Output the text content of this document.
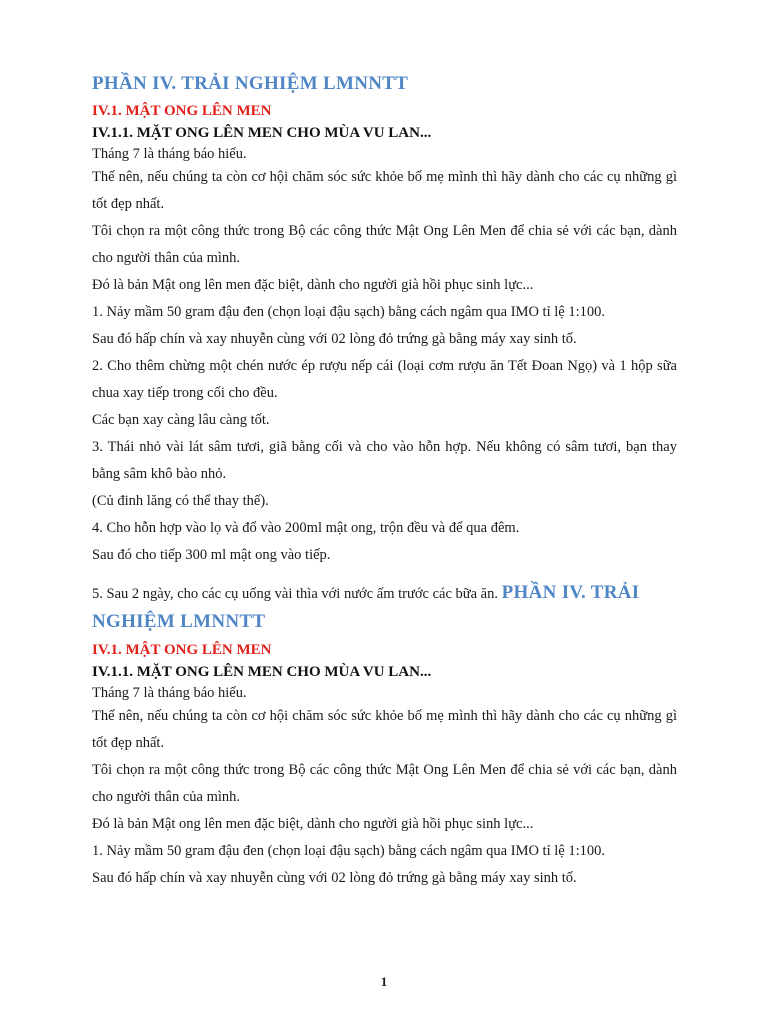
PHẦN IV. TRẢI NGHIỆM LMNNTT
IV.1. MẬT ONG LÊN MEN
IV.1.1. MẶT ONG LÊN MEN CHO MÙA VU LAN...

Tháng 7 là tháng báo hiếu.

Thế nên, nếu chúng ta còn cơ hội chăm sóc sức khỏe bố mẹ mình thì hãy dành cho các cụ những gì tốt đẹp nhất.

Tôi chọn ra một công thức trong Bộ các công thức Mật Ong Lên Men để chia sẻ với các bạn, dành cho người thân của mình.

Đó là bản Mật ong lên men đặc biệt, dành cho người già hồi phục sinh lực...

1. Nảy mầm 50 gram đậu đen (chọn loại đậu sạch) bằng cách ngâm qua IMO tỉ lệ 1:100.

Sau đó hấp chín và xay nhuyễn cùng với 02 lòng đỏ trứng gà bằng máy xay sinh tố.

2. Cho thêm chừng một chén nước ép rượu nếp cái (loại cơm rượu ăn Tết Đoan Ngọ) và 1 hộp sữa chua xay tiếp trong cối cho đều.

Các bạn xay càng lâu càng tốt.

3. Thái nhỏ vài lát sâm tươi, giã bằng cối và cho vào hỗn hợp. Nếu không có sâm tươi, bạn thay bằng sâm khô bào nhỏ.

(Củ đinh lăng có thể thay thế).

4. Cho hỗn hợp vào lọ và đổ vào 200ml mật ong, trộn đều và để qua đêm.

Sau đó cho tiếp 300 ml mật ong vào tiếp.

5. Sau 2 ngày, cho các cụ uống vài thìa với nước ấm trước các bữa ăn. PHẦN IV. TRẢI NGHIỆM LMNNTT

IV.1. MẬT ONG LÊN MEN
IV.1.1. MẶT ONG LÊN MEN CHO MÙA VU LAN...

Tháng 7 là tháng báo hiếu.

Thế nên, nếu chúng ta còn cơ hội chăm sóc sức khỏe bố mẹ mình thì hãy dành cho các cụ những gì tốt đẹp nhất.

Tôi chọn ra một công thức trong Bộ các công thức Mật Ong Lên Men để chia sẻ với các bạn, dành cho người thân của mình.

Đó là bản Mật ong lên men đặc biệt, dành cho người già hồi phục sinh lực...

1. Nảy mầm 50 gram đậu đen (chọn loại đậu sạch) bằng cách ngâm qua IMO tỉ lệ 1:100.

Sau đó hấp chín và xay nhuyễn cùng với 02 lòng đỏ trứng gà bằng máy xay sinh tố.

1
